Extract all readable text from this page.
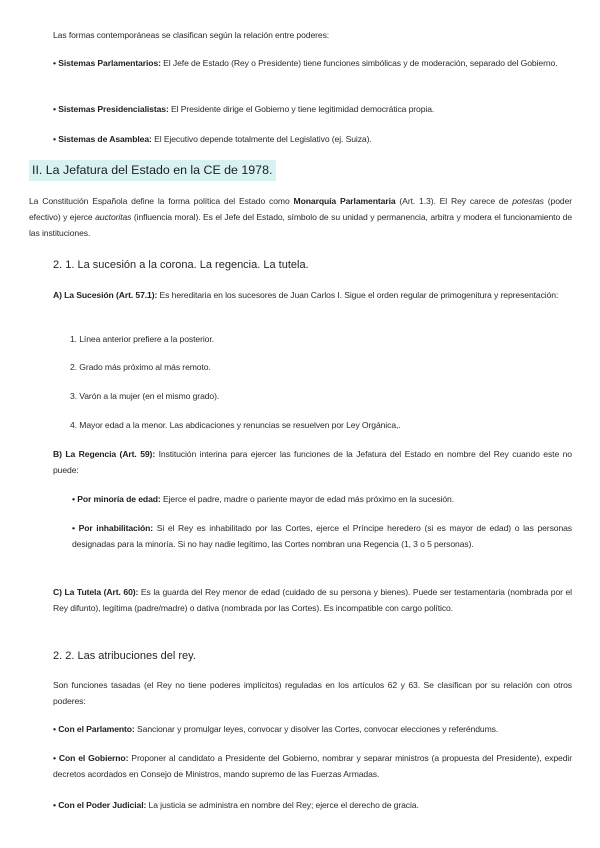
Las formas contemporáneas se clasifican según la relación entre poderes:

• Sistemas Parlamentarios: El Jefe de Estado (Rey o Presidente) tiene funciones simbólicas y de moderación, separado del Gobierno.

• Sistemas Presidencialistas: El Presidente dirige el Gobierno y tiene legitimidad democrática propia.

• Sistemas de Asamblea: El Ejecutivo depende totalmente del Legislativo (ej. Suiza).

II. La Jefatura del Estado en la CE de 1978.

La Constitución Española define la forma política del Estado como Monarquía Parlamentaria (Art. 1.3). El Rey carece de potestas (poder efectivo) y ejerce auctoritas (influencia moral). Es el Jefe del Estado, símbolo de su unidad y permanencia, arbitra y modera el funcionamiento de las instituciones.

2. 1. La sucesión a la corona. La regencia. La tutela.

A) La Sucesión (Art. 57.1): Es hereditaria en los sucesores de Juan Carlos I. Sigue el orden regular de primogenitura y representación:

1. Línea anterior prefiere a la posterior.

2. Grado más próximo al más remoto.

3. Varón a la mujer (en el mismo grado).

4. Mayor edad a la menor. Las abdicaciones y renuncias se resuelven por Ley Orgánica,.

B) La Regencia (Art. 59): Institución interina para ejercer las funciones de la Jefatura del Estado en nombre del Rey cuando este no puede:

• Por minoría de edad: Ejerce el padre, madre o pariente mayor de edad más próximo en la sucesión.

• Por inhabilitación: Si el Rey es inhabilitado por las Cortes, ejerce el Príncipe heredero (si es mayor de edad) o las personas designadas para la minoría. Si no hay nadie legítimo, las Cortes nombran una Regencia (1, 3 o 5 personas).

C) La Tutela (Art. 60): Es la guarda del Rey menor de edad (cuidado de su persona y bienes). Puede ser testamentaria (nombrada por el Rey difunto), legítima (padre/madre) o dativa (nombrada por las Cortes). Es incompatible con cargo político.

2. 2. Las atribuciones del rey.

Son funciones tasadas (el Rey no tiene poderes implícitos) reguladas en los artículos 62 y 63. Se clasifican por su relación con otros poderes:

• Con el Parlamento: Sancionar y promulgar leyes, convocar y disolver las Cortes, convocar elecciones y referéndums.

• Con el Gobierno: Proponer al candidato a Presidente del Gobierno, nombrar y separar ministros (a propuesta del Presidente), expedir decretos acordados en Consejo de Ministros, mando supremo de las Fuerzas Armadas.

• Con el Poder Judicial: La justicia se administra en nombre del Rey; ejerce el derecho de gracia.
